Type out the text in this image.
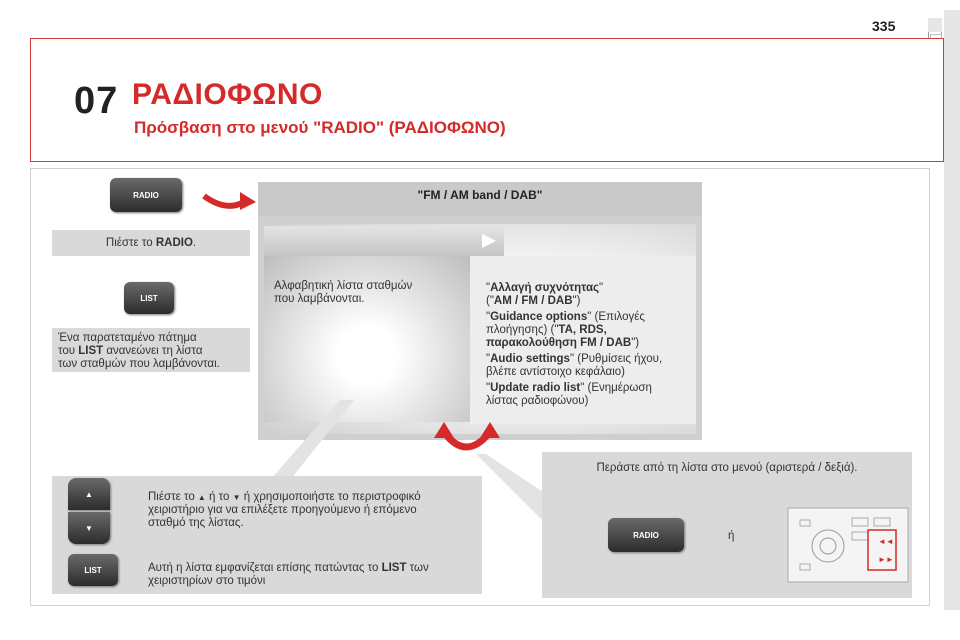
335
07 ΡΑΔΙΟΦΩΝΟ
Πρόσβαση στο μενού "RADIO" (ΡΑΔΙΟΦΩΝΟ)
RADIO
Πιέστε το RADIO.
LIST
Ένα παρατεταμένο πάτημα
του LIST ανανεώνει τη λίστα
των σταθμών που λαμβάνονται.
"FM / AM band / DAB"
Αλφαβητική λίστα σταθμών
που λαμβάνονται.
"Αλλαγή συχνότητας"
("AM / FM / DAB")
"Guidance options" (Επιλογές
πλοήγησης) ("TA, RDS,
παρακολούθηση FM / DAB")
"Audio settings" (Ρυθμίσεις ήχου,
βλέπε αντίστοιχο κεφάλαιο)
"Update radio list" (Ενημέρωση
λίστας ραδιοφώνου)
▲
▼
LIST
Πιέστε το ▲ ή το ▼ ή χρησιμοποιήστε το περιστροφικό
χειριστήριο για να επιλέξετε προηγούμενο ή επόμενο
σταθμό της λίστας.
Αυτή η λίστα εμφανίζεται επίσης πατώντας το LIST των
χειριστηρίων στο τιμόνι
Περάστε από τη λίστα στο μενού (αριστερά / δεξιά).
RADIO	ή	◄◄
►►
